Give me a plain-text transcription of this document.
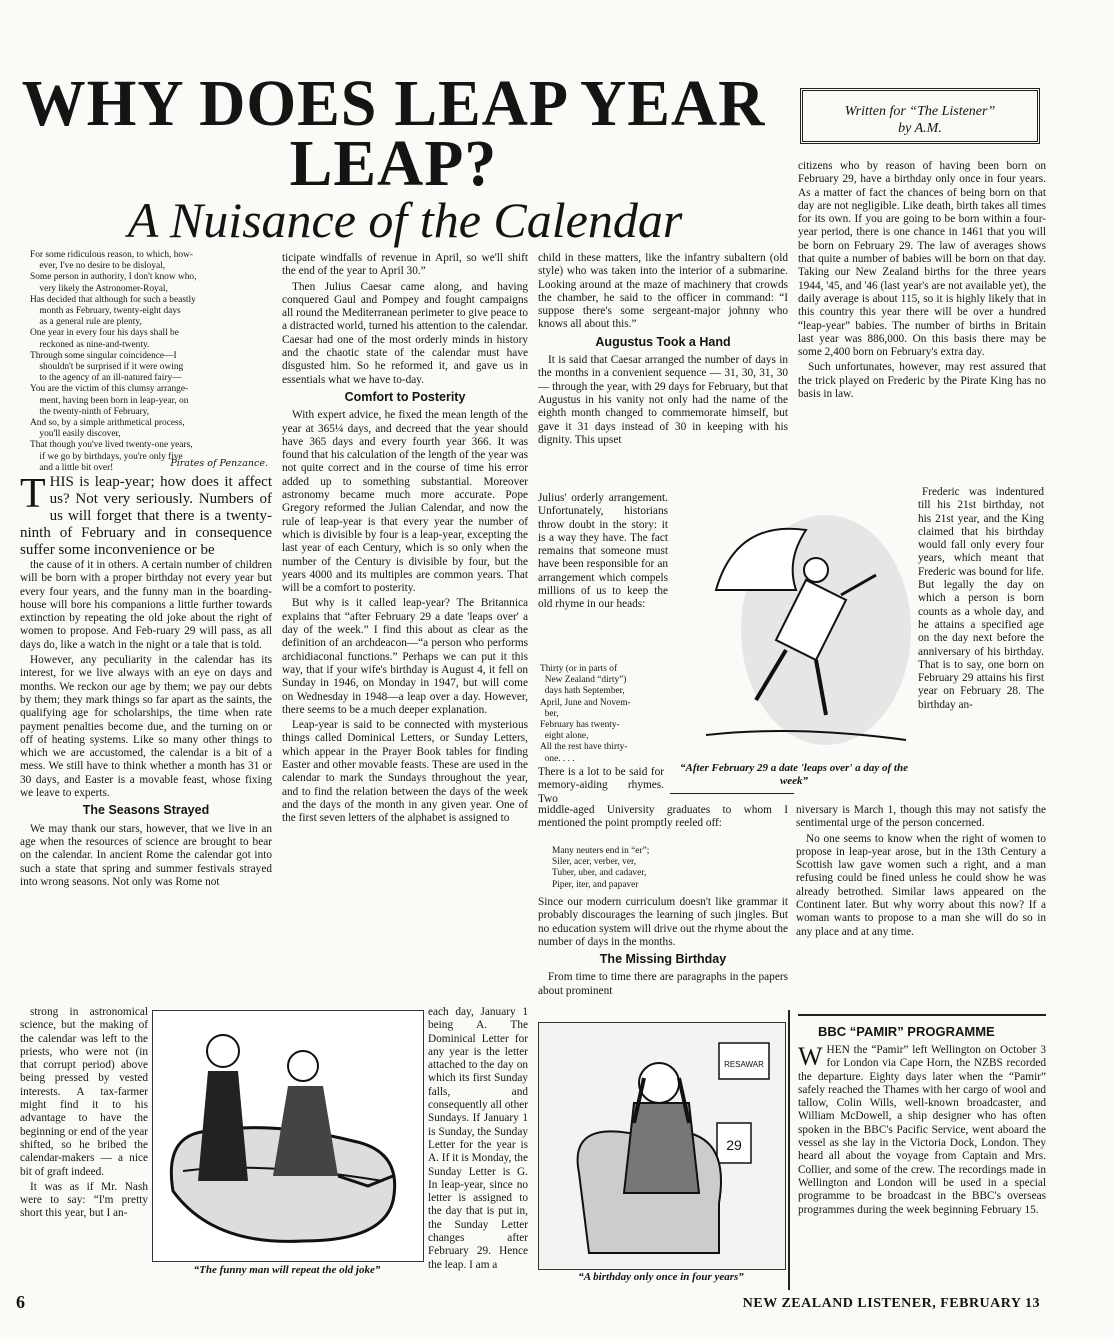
WHY DOES LEAP YEAR
LEAP?
A Nuisance of the Calendar
Written for “The Listener”
by A.M.
For some ridiculous reason, to which, how-
ever, I've no desire to be disloyal,
Some person in authority, I don't know who,
very likely the Astronomer-Royal,
Has decided that although for such a beastly
month as February, twenty-eight days
as a general rule are plenty,
One year in every four his days shall be
reckoned as nine-and-twenty.
Through some singular coincidence—I
shouldn't be surprised if it were owing
to the agency of an ill-natured fairy—
You are the victim of this clumsy arrange-
ment, having been born in leap-year, on
the twenty-ninth of February,
And so, by a simple arithmetical process,
you'll easily discover,
That though you've lived twenty-one years,
if we go by birthdays, you're only five
and a little bit over!	Pirates of Penzance.
THIS is leap-year; how does it affect us? Not very seriously. Numbers of us will forget that there is a twenty-ninth of February and in consequence suffer some inconvenience or be

the cause of it in others. A certain number of children will be born with a proper birthday not every year but every four years, and the funny man in the boarding-house will bore his companions a little further towards extinction by repeating the old joke about the right of women to propose. And Feb-ruary 29 will pass, as all days do, like a watch in the night or a tale that is told.

However, any peculiarity in the calendar has its interest, for we live always with an eye on days and months. We reckon our age by them; we pay our debts by them; they mark things so far apart as the saints, the qualifying age for scholarships, the time when rate payment penalties become due, and the turning on or off of heating systems. Like so many other things to which we are accustomed, the calendar is a bit of a mess. We still have to think whether a month has 31 or 30 days, and Easter is a movable feast, whose fixing we leave to experts.

The Seasons Strayed

We may thank our stars, however, that we live in an age when the resources of science are brought to bear on the calendar. In ancient Rome the calendar got into such a state that spring and summer festivals strayed into wrong seasons. Not only was Rome not

strong in astronomical science, but the making of the calendar was left to the priests, who were not (in that corrupt period) above being pressed by vested interests. A tax-farmer might find it to his advantage to have the beginning or end of the year shifted, so he bribed the calendar-makers — a nice bit of graft indeed.

It was as if Mr. Nash were to say: “I'm pretty short this year, but I an-

ticipate windfalls of revenue in April, so we'll shift the end of the year to April 30.”

Then Julius Caesar came along, and having conquered Gaul and Pompey and fought campaigns all round the Mediterranean perimeter to give peace to a distracted world, turned his attention to the calendar. Caesar had one of the most orderly minds in history and the chaotic state of the calendar must have disgusted him. So he reformed it, and gave us in essentials what we have to-day.

Comfort to Posterity

With expert advice, he fixed the mean length of the year at 365¼ days, and decreed that the year should have 365 days and every fourth year 366. It was found that his calculation of the length of the year was not quite correct and in the course of time his error added up to something substantial. Moreover astronomy became much more accurate. Pope Gregory reformed the Julian Calendar, and now the rule of leap-year is that every year the number of which is divisible by four is a leap-year, excepting the last year of each Century, which is so only when the number of the Century is divisible by four, but the years 4000 and its multiples are common years. That will be a comfort to posterity.

But why is it called leap-year? The Britannica explains that “after February 29 a date 'leaps over' a day of the week.” I find this about as clear as the definition of an archdeacon—“a person who performs archidiaconal functions.” Perhaps we can put it this way, that if your wife's birthday is August 4, it fell on Sunday in 1946, on Monday in 1947, but will come on Wednesday in 1948—a leap over a day. However, there seems to be a much deeper explanation.

Leap-year is said to be connected with mysterious things called Dominical Letters, or Sunday Letters, which appear in the Prayer Book tables for finding Easter and other movable feasts. These are used in the calendar to mark the Sundays throughout the year, and to find the relation between the days of the week and the days of the month in any given year. One of the first seven letters of the alphabet is assigned to

each day, January 1 being A. The Dominical Letter for any year is the letter attached to the day on which its first Sunday falls, and consequently all other Sundays. If January 1 is Sunday, the Sunday Letter for the year is A. If it is Monday, the Sunday Letter is G. In leap-year, since no letter is assigned to the day that is put in, the Sunday Letter changes after February 29. Hence the leap. I am a

“The funny man will repeat the old joke”

child in these matters, like the infantry subaltern (old style) who was taken into the interior of a submarine. Looking around at the maze of machinery that crowds the chamber, he said to the officer in command: “I suppose there's some sergeant-major johnny who knows all about this.”

Augustus Took a Hand

It is said that Caesar arranged the number of days in the months in a convenient sequence — 31, 30, 31, 30 — through the year, with 29 days for February, but that Augustus in his vanity not only had the name of the eighth month changed to commemorate himself, but gave it 31 days instead of 30 in keeping with his dignity. This upset

Julius' orderly arrangement. Unfortunately, historians throw doubt in the story: it is a way they have. The fact remains that someone must have been responsible for an arrangement which compels millions of us to keep the old rhyme in our heads:

Thirty (or in parts of
New Zealand “dirty”)
days hath September,
April, June and Novem-
ber,
February has twenty-
eight alone,
All the rest have thirty-
one. . . .

There is a lot to be said for memory-aiding rhymes. Two

middle-aged University graduates to whom I mentioned the point promptly reeled off:

Many neuters end in “er”;
Siler, acer, verber, ver,
Tuber, uber, and cadaver,
Piper, iter, and papaver

Since our modern curriculum doesn't like grammar it probably discourages the learning of such jingles. But no education system will drive out the rhyme about the number of days in the months.

The Missing Birthday

From time to time there are paragraphs in the papers about prominent

“After February 29 a date 'leaps over' a day of the week”
RESAWAR
29
“A birthday only once in four years”

citizens who by reason of having been born on February 29, have a birthday only once in four years. As a matter of fact the chances of being born on that day are not negligible. Like death, birth takes all times for its own. If you are going to be born within a four-year period, there is one chance in 1461 that you will be born on February 29. The law of averages shows that quite a number of babies will be born on that day. Taking our New Zealand births for the three years 1944, '45, and '46 (last year's are not available yet), the daily average is about 115, so it is highly likely that in this country this year there will be over a hundred “leap-year” babies. The number of births in Britain last year was 886,000. On this basis there may be some 2,400 born on February's extra day.

Such unfortunates, however, may rest assured that the trick played on Frederic by the Pirate King has no basis in law.

Frederic was indentured till his 21st birthday, not his 21st year, and the King claimed that his birthday would fall only every four years, which meant that Frederic was bound for life. But legally the day on which a person is born counts as a whole day, and he attains a specified age on the day next before the anniversary of his birthday. That is to say, one born on February 29 attains his first year on February 28. The birthday an-

niversary is March 1, though this may not satisfy the sentimental urge of the person concerned.

No one seems to know when the right of women to propose in leap-year arose, but in the 13th Century a Scottish law gave women such a right, and a man refusing could be fined unless he could show he was already betrothed. Similar laws appeared on the Continent later. But why worry about this now? If a woman wants to propose to a man she will do so in any place and at any time.

BBC “PAMIR” PROGRAMME
WHEN the “Pamir” left Wellington on October 3 for London via Cape Horn, the NZBS recorded the departure. Eighty days later when the “Pamir” safely reached the Thames with her cargo of wool and tallow, Colin Wills, well-known broadcaster, and William McDowell, a ship designer who has often spoken in the BBC's Pacific Service, went aboard the vessel as she lay in the Victoria Dock, London. They heard all about the voyage from Captain and Mrs. Collier, and some of the crew. The recordings made in Wellington and London will be used in a special programme to be broadcast in the BBC's overseas programmes during the week beginning February 15.
6	NEW ZEALAND LISTENER, FEBRUARY 13
